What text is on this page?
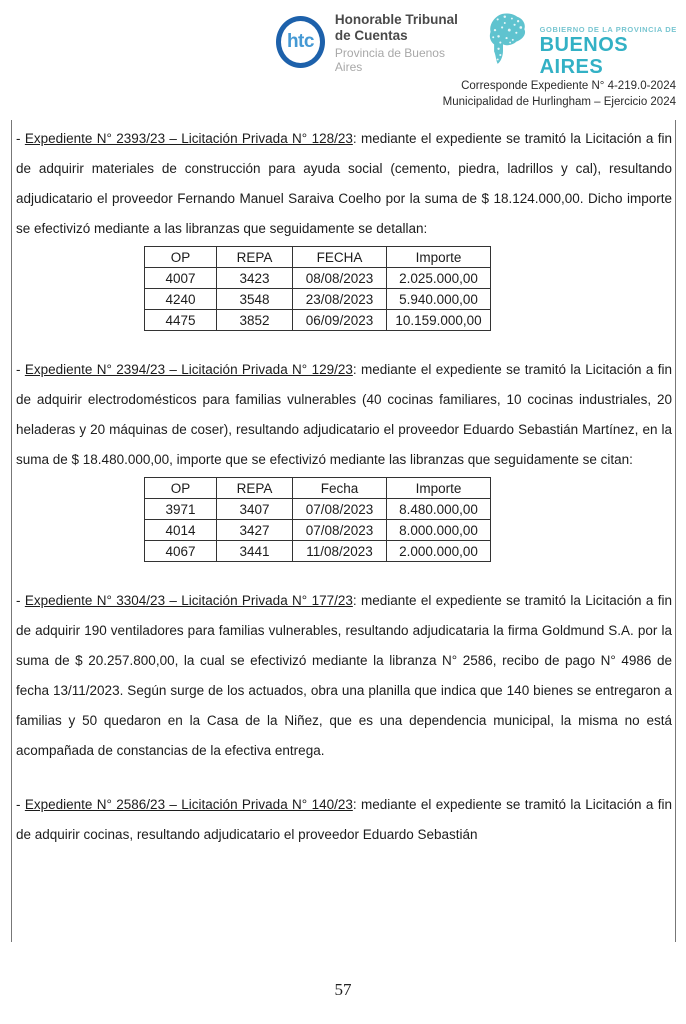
htc
Honorable Tribunal
de Cuentas
Provincia de Buenos Aires
GOBIERNO DE LA PROVINCIA DE
BUENOS AIRES
Corresponde Expediente N° 4-219.0-2024
Municipalidad de Hurlingham – Ejercicio 2024

- Expediente N° 2393/23 – Licitación Privada N° 128/23: mediante el expediente se tramitó la Licitación a fin de adquirir materiales de construcción para ayuda social (cemento, piedra, ladrillos y cal), resultando adjudicatario el proveedor Fernando Manuel Saraiva Coelho por la suma de $ 18.124.000,00. Dicho importe se efectivizó mediante a las libranzas que seguidamente se detallan:

OP	REPA	FECHA	Importe
4007	3423	08/08/2023	2.025.000,00
4240	3548	23/08/2023	5.940.000,00
4475	3852	06/09/2023	10.159.000,00

- Expediente N° 2394/23 – Licitación Privada N° 129/23: mediante el expediente se tramitó la Licitación a fin de adquirir electrodomésticos para familias vulnerables (40 cocinas familiares, 10 cocinas industriales, 20 heladeras y 20 máquinas de coser), resultando adjudicatario el proveedor Eduardo Sebastián Martínez, en la suma de $ 18.480.000,00, importe que se efectivizó mediante las libranzas que seguidamente se citan:

OP	REPA	Fecha	Importe
3971	3407	07/08/2023	8.480.000,00
4014	3427	07/08/2023	8.000.000,00
4067	3441	11/08/2023	2.000.000,00

- Expediente N° 3304/23 – Licitación Privada N° 177/23: mediante el expediente se tramitó la Licitación a fin de adquirir 190 ventiladores para familias vulnerables, resultando adjudicataria la firma Goldmund S.A. por la suma de $ 20.257.800,00, la cual se efectivizó mediante la libranza N° 2586, recibo de pago N° 4986 de fecha 13/11/2023. Según surge de los actuados, obra una planilla que indica que 140 bienes se entregaron a familias y 50 quedaron en la Casa de la Niñez, que es una dependencia municipal, la misma no está acompañada de constancias de la efectiva entrega.

- Expediente N° 2586/23 – Licitación Privada N° 140/23: mediante el expediente se tramitó la Licitación a fin de adquirir cocinas, resultando adjudicatario el proveedor Eduardo Sebastián

57
